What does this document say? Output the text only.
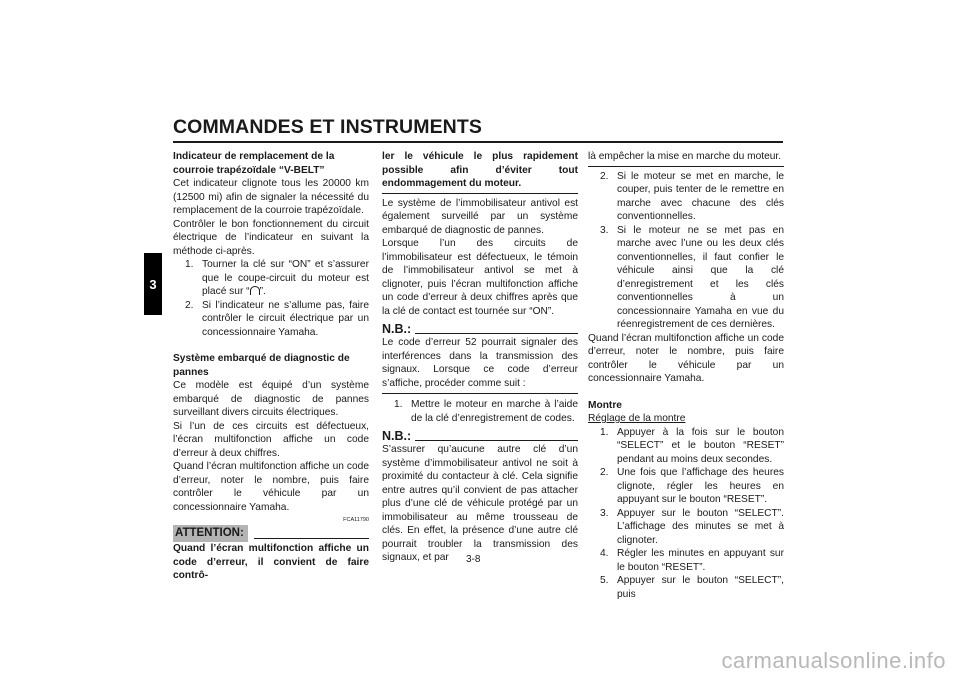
COMMANDES ET INSTRUMENTS
3

Indicateur de remplacement de la courroie trapézoïdale “V-BELT”

Cet indicateur clignote tous les 20000 km (12500 mi) afin de signaler la nécessité du remplacement de la courroie trapézoïdale.

Contrôler le bon fonctionnement du circuit électrique de l’indicateur en suivant la méthode ci-après.

1. Tourner la clé sur “ON” et s’assurer que le coupe-circuit du moteur est placé sur “ ”.
2. Si l’indicateur ne s’allume pas, faire contrôler le circuit électrique par un concessionnaire Yamaha.

Système embarqué de diagnostic de pannes

Ce modèle est équipé d’un système embarqué de diagnostic de pannes surveillant divers circuits électriques.

Si l’un de ces circuits est défectueux, l’écran multifonction affiche un code d’erreur à deux chiffres.

Quand l’écran multifonction affiche un code d’erreur, noter le nombre, puis faire contrôler le véhicule par un concessionnaire Yamaha.

FCA11790
ATTENTION:

Quand l’écran multifonction affiche un code d’erreur, il convient de faire contrô-

ler le véhicule le plus rapidement possible afin d’éviter tout endommagement du moteur.

Le système de l’immobilisateur antivol est également surveillé par un système embarqué de diagnostic de pannes.

Lorsque l’un des circuits de l’immobilisateur est défectueux, le témoin de l’immobilisateur antivol se met à clignoter, puis l’écran multifonction affiche un code d’erreur à deux chiffres après que la clé de contact est tournée sur “ON”.

N.B.:

Le code d’erreur 52 pourrait signaler des interférences dans la transmission des signaux. Lorsque ce code d’erreur s’affiche, procéder comme suit :

1. Mettre le moteur en marche à l’aide de la clé d’enregistrement de codes.
N.B.:

S’assurer qu’aucune autre clé d’un système d’immobilisateur antivol ne soit à proximité du contacteur à clé. Cela signifie entre autres qu’il convient de pas attacher plus d’une clé de véhicule protégé par un immobilisateur au même trousseau de clés. En effet, la présence d’une autre clé pourrait troubler la transmission des signaux, et par

là empêcher la mise en marche du moteur.

2. Si le moteur se met en marche, le couper, puis tenter de le remettre en marche avec chacune des clés conventionnelles.
3. Si le moteur ne se met pas en marche avec l’une ou les deux clés conventionnelles, il faut confier le véhicule ainsi que la clé d’enregistrement et les clés conventionnelles à un concessionnaire Yamaha en vue du réenregistrement de ces dernières.

Quand l’écran multifonction affiche un code d’erreur, noter le nombre, puis faire contrôler le véhicule par un concessionnaire Yamaha.

Montre

Réglage de la montre

1. Appuyer à la fois sur le bouton “SELECT” et le bouton “RESET” pendant au moins deux secondes.
2. Une fois que l’affichage des heures clignote, régler les heures en appuyant sur le bouton “RESET”.
3. Appuyer sur le bouton “SELECT”. L’affichage des minutes se met à clignoter.
4. Régler les minutes en appuyant sur le bouton “RESET”.
5. Appuyer sur le bouton “SELECT”, puis
3-8
carmanualsonline.info
